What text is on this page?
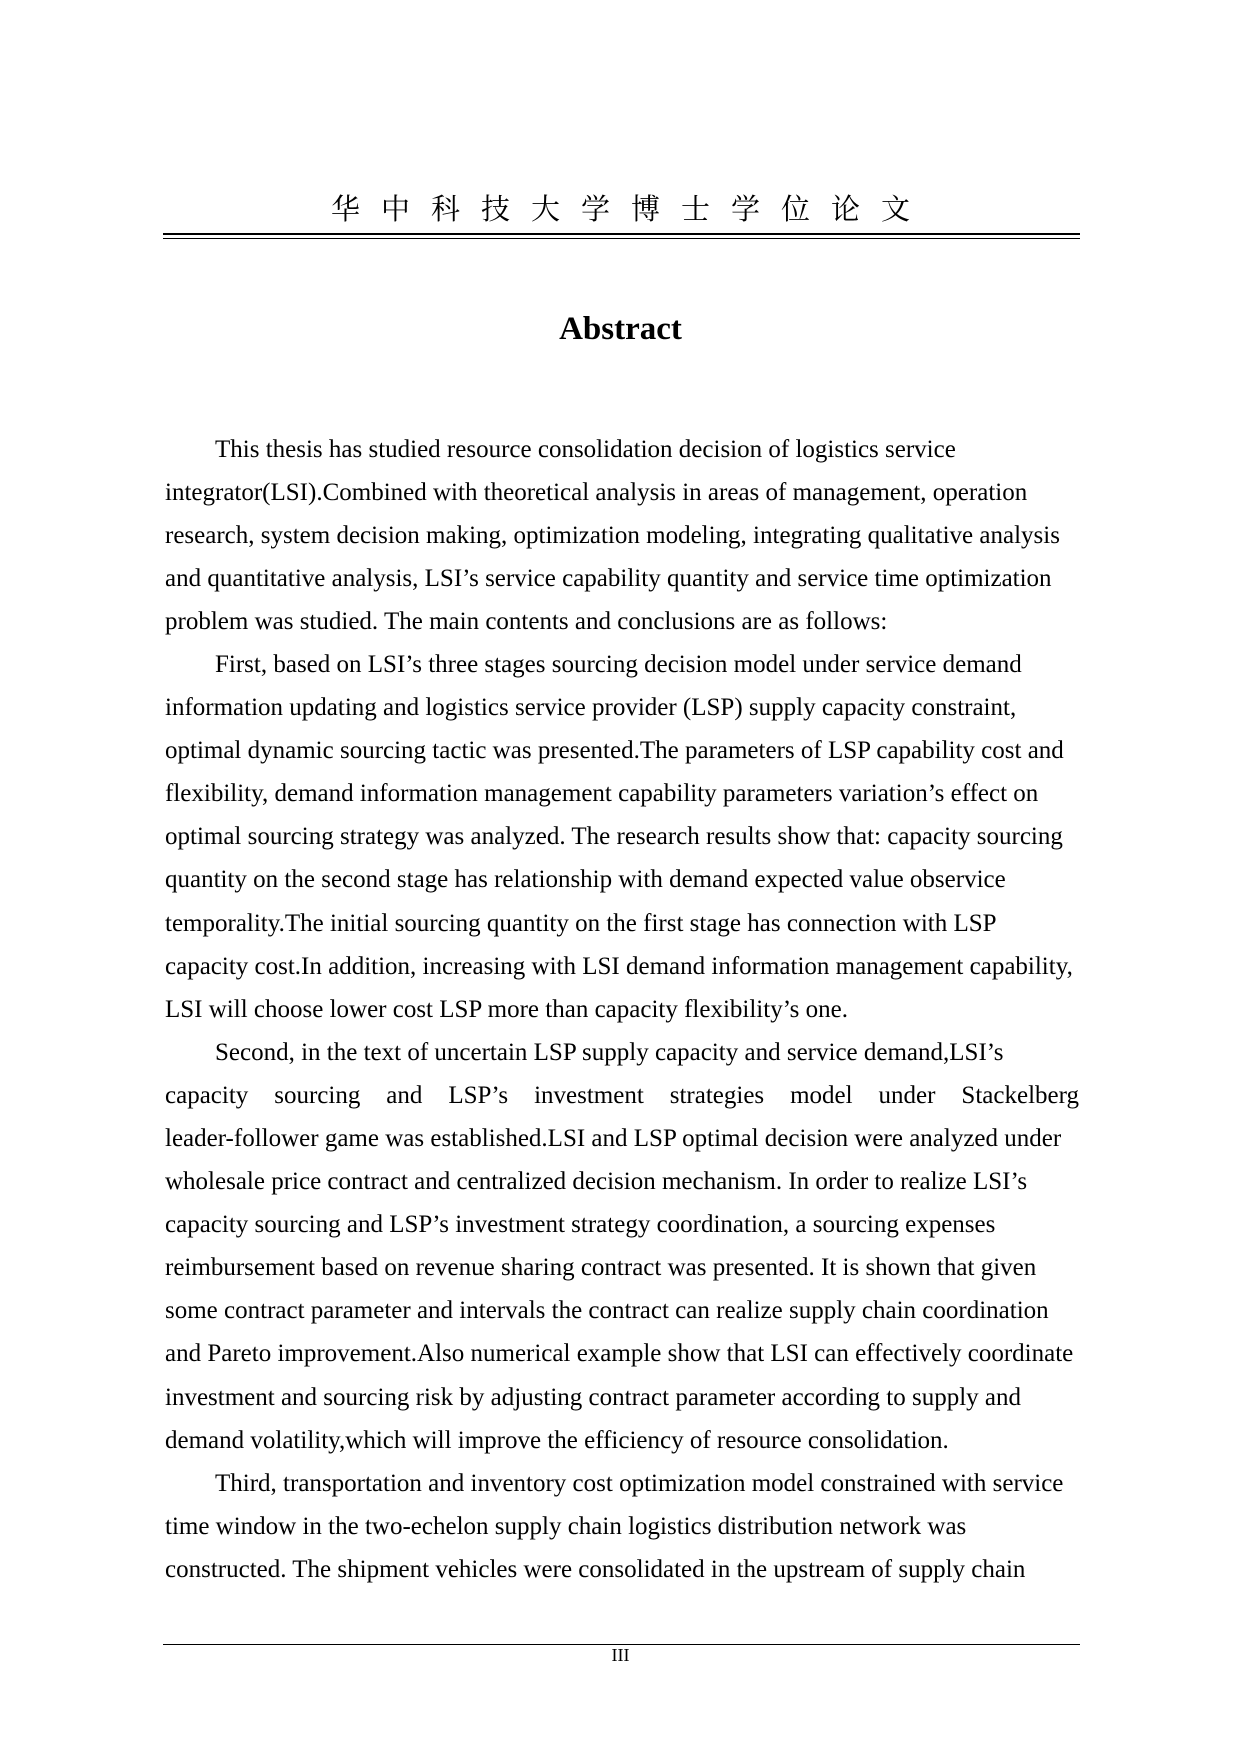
华中科技大学博士学位论文
Abstract
This thesis has studied resource consolidation decision of logistics service
integrator(LSI).Combined with theoretical analysis in areas of management, operation
research, system decision making, optimization modeling, integrating qualitative analysis
and quantitative analysis, LSI’s service capability quantity and service time optimization
problem was studied. The main contents and conclusions are as follows:
First, based on LSI’s three stages sourcing decision model under service demand
information updating and logistics service provider (LSP) supply capacity constraint,
optimal dynamic sourcing tactic was presented.The parameters of LSP capability cost and
flexibility, demand information management capability parameters variation’s effect on
optimal sourcing strategy was analyzed. The research results show that: capacity sourcing
quantity on the second stage has relationship with demand expected value observice
temporality.The initial sourcing quantity on the first stage has connection with LSP
capacity cost.In addition, increasing with LSI demand information management capability,
LSI will choose lower cost LSP more than capacity flexibility’s one.
Second, in the text of uncertain LSP supply capacity and service demand,LSI’s
capacity sourcing and LSP’s investment strategies model under Stackelberg
leader-follower game was established.LSI and LSP optimal decision were analyzed under
wholesale price contract and centralized decision mechanism. In order to realize LSI’s
capacity sourcing and LSP’s investment strategy coordination, a sourcing expenses
reimbursement based on revenue sharing contract was presented. It is shown that given
some contract parameter and intervals the contract can realize supply chain coordination
and Pareto improvement.Also numerical example show that LSI can effectively coordinate
investment and sourcing risk by adjusting contract parameter according to supply and
demand volatility,which will improve the efficiency of resource consolidation.
Third, transportation and inventory cost optimization model constrained with service
time window in the two-echelon supply chain logistics distribution network was
constructed. The shipment vehicles were consolidated in the upstream of supply chain
III
